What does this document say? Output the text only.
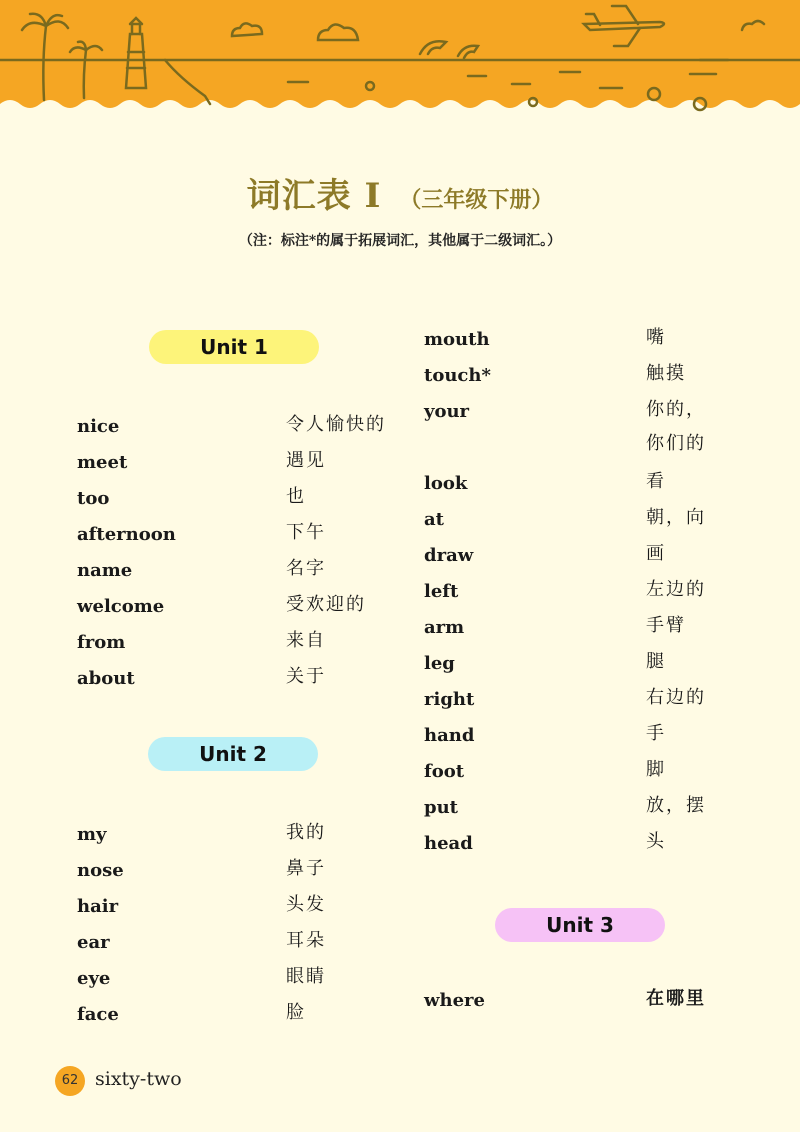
词汇表 I （三年级下册）
（注：标注*的属于拓展词汇，其他属于二级词汇。）
Unit 1
nice	令人愉快的
meet	遇见
too	也
afternoon	下午
name	名字
welcome	受欢迎的
from	来自
about	关于
Unit 2
my	我的
nose	鼻子
hair	头发
ear	耳朵
eye	眼睛
face	脸
mouth	嘴
touch*	触摸
your	你的，
你们的
look	看
at	朝，向
draw	画
left	左边的
arm	手臂
leg	腿
right	右边的
hand	手
foot	脚
put	放，摆
head	头
Unit 3
where	在哪里
62 sixty-two
